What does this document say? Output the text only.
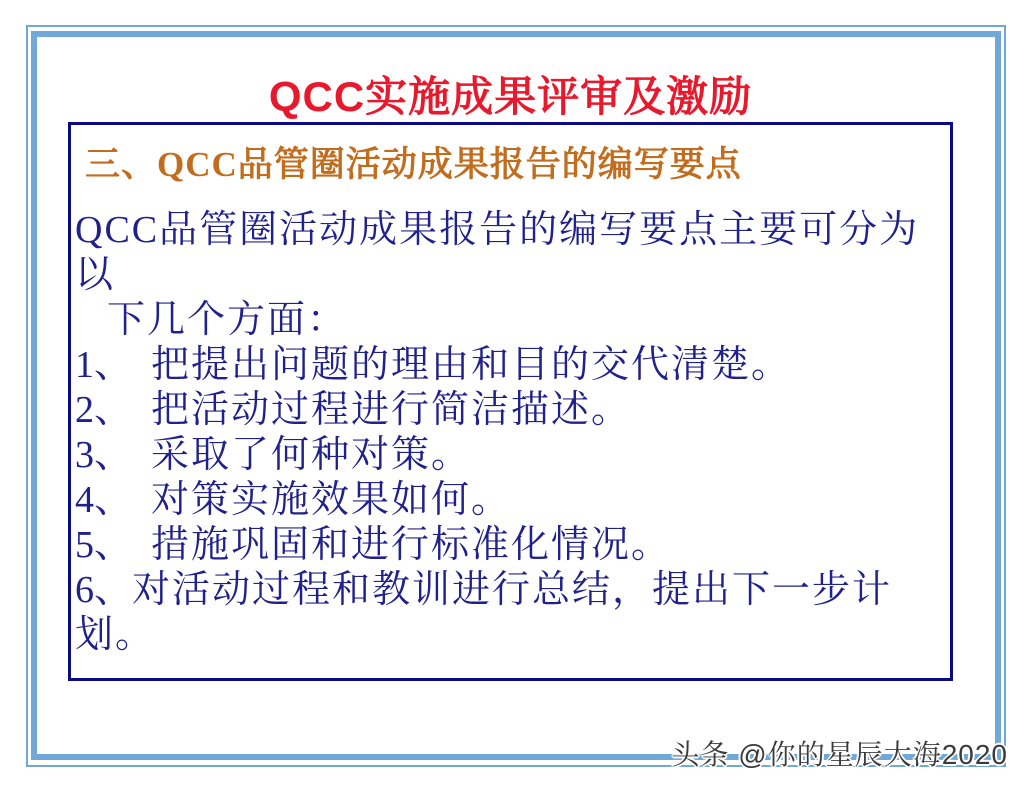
QCC实施成果评审及激励
三、QCC品管圈活动成果报告的编写要点

QCC品管圈活动成果报告的编写要点主要可分为以

下几个方面：

1、 把提出问题的理由和目的交代清楚。

2、 把活动过程进行简洁描述。

3、 采取了何种对策。

4、 对策实施效果如何。

5、 措施巩固和进行标准化情况。

6、对活动过程和教训进行总结，提出下一步计划。

头条 @你的星辰大海2020
